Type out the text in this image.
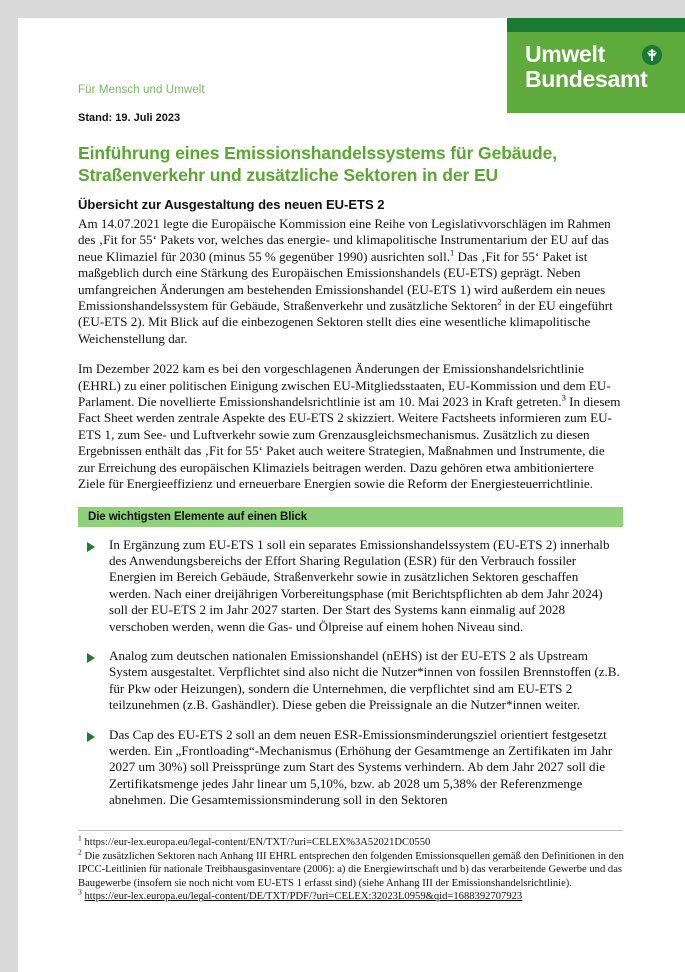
Umwelt
Bundesamt
Für Mensch und Umwelt
Stand: 19. Juli 2023
Einführung eines Emissionshandelssystems für Gebäude, Straßenverkehr und zusätzliche Sektoren in der EU
Übersicht zur Ausgestaltung des neuen EU-ETS 2

Am 14.07.2021 legte die Europäische Kommission eine Reihe von Legislativvorschlägen im Rahmen des ‚Fit for 55‘ Pakets vor, welches das energie- und klimapolitische Instrumentarium der EU auf das neue Klimaziel für 2030 (minus 55 % gegenüber 1990) ausrichten soll.$^1$ Das ‚Fit for 55‘ Paket ist maßgeblich durch eine Stärkung des Europäischen Emissionshandels (EU-ETS) geprägt. Neben umfangreichen Änderungen am bestehenden Emissionshandel (EU-ETS 1) wird außerdem ein neues Emissionshandelssystem für Gebäude, Straßenverkehr und zusätzliche Sektoren$^2$ in der EU eingeführt (EU-ETS 2). Mit Blick auf die einbezogenen Sektoren stellt dies eine wesentliche klimapolitische Weichenstellung dar.

Im Dezember 2022 kam es bei den vorgeschlagenen Änderungen der Emissionshandelsrichtlinie (EHRL) zu einer politischen Einigung zwischen EU-Mitgliedsstaaten, EU-Kommission und dem EU-Parlament. Die novellierte Emissionshandelsrichtlinie ist am 10. Mai 2023 in Kraft getreten.$^3$ In diesem Fact Sheet werden zentrale Aspekte des EU-ETS 2 skizziert. Weitere Factsheets informieren zum EU-ETS 1, zum See- und Luftverkehr sowie zum Grenzausgleichsmechanismus. Zusätzlich zu diesen Ergebnissen enthält das ‚Fit for 55‘ Paket auch weitere Strategien, Maßnahmen und Instrumente, die zur Erreichung des europäischen Klimaziels beitragen werden. Dazu gehören etwa ambitioniertere Ziele für Energieeffizienz und erneuerbare Energien sowie die Reform der Energiesteuerrichtlinie.

Die wichtigsten Elemente auf einen Blick
In Ergänzung zum EU-ETS 1 soll ein separates Emissionshandelssystem (EU-ETS 2) innerhalb des Anwendungsbereichs der Effort Sharing Regulation (ESR) für den Verbrauch fossiler Energien im Bereich Gebäude, Straßenverkehr sowie in zusätzlichen Sektoren geschaffen werden. Nach einer dreijährigen Vorbereitungsphase (mit Berichtspflichten ab dem Jahr 2024) soll der EU-ETS 2 im Jahr 2027 starten. Der Start des Systems kann einmalig auf 2028 verschoben werden, wenn die Gas- und Ölpreise auf einem hohen Niveau sind.
Analog zum deutschen nationalen Emissionshandel (nEHS) ist der EU-ETS 2 als Upstream System ausgestaltet. Verpflichtet sind also nicht die Nutzer*innen von fossilen Brennstoffen (z.B. für Pkw oder Heizungen), sondern die Unternehmen, die verpflichtet sind am EU-ETS 2 teilzunehmen (z.B. Gashändler). Diese geben die Preissignale an die Nutzer*innen weiter.
Das Cap des EU-ETS 2 soll an dem neuen ESR-Emissionsminderungsziel orientiert festgesetzt werden. Ein „Frontloading“-Mechanismus (Erhöhung der Gesamtmenge an Zertifikaten im Jahr 2027 um 30%) soll Preissprünge zum Start des Systems verhindern. Ab dem Jahr 2027 soll die Zertifikatsmenge jedes Jahr linear um 5,10%, bzw. ab 2028 um 5,38% der Referenzmenge abnehmen. Die Gesamtemissionsminderung soll in den Sektoren
$^1$ https://eur-lex.europa.eu/legal-content/EN/TXT/?uri=CELEX%3A52021DC0550
$^2$ Die zusätzlichen Sektoren nach Anhang III EHRL entsprechen den folgenden Emissionsquellen gemäß den Definitionen in den IPCC-Leitlinien für nationale Treibhausgasinventare (2006): a) die Energiewirtschaft und b) das verarbeitende Gewerbe und das Baugewerbe (insofern sie noch nicht vom EU-ETS 1 erfasst sind) (siehe Anhang III der Emissionshandelsrichtlinie).
$^3$ https://eur-lex.europa.eu/legal-content/DE/TXT/PDF/?uri=CELEX:32023L0959&qid=1688392707923
